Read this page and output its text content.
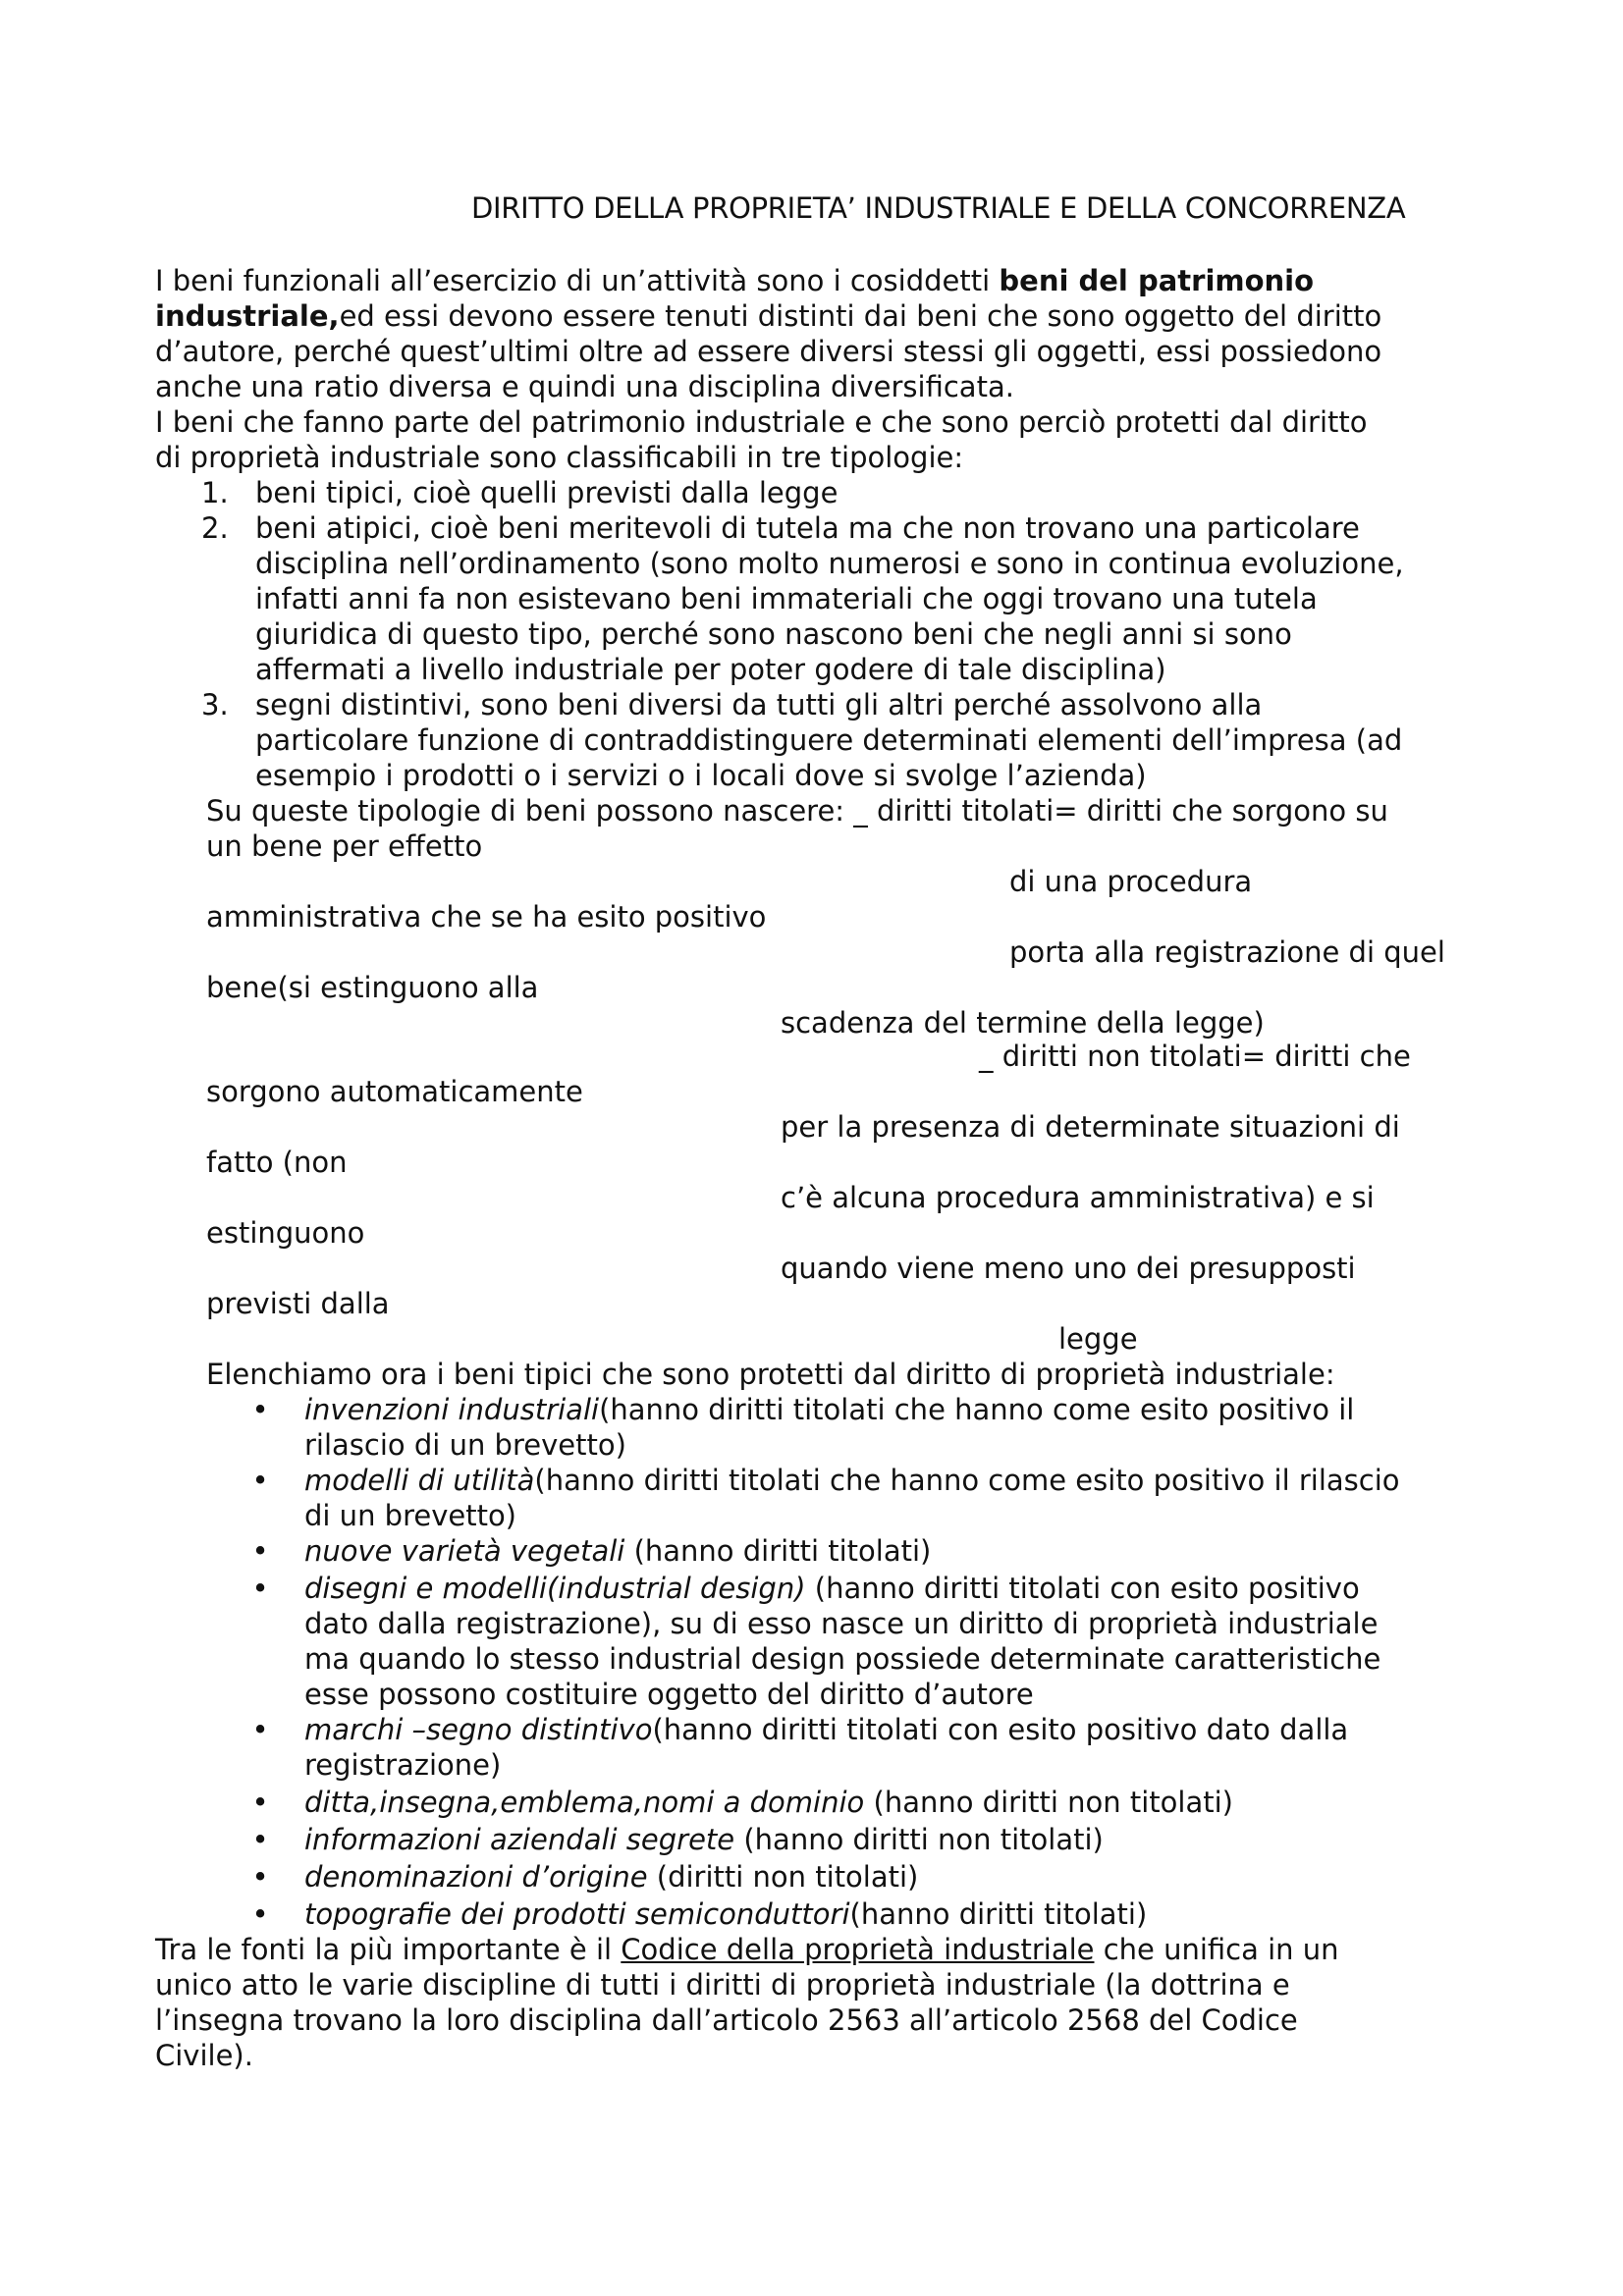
DIRITTO DELLA PROPRIETA’ INDUSTRIALE E DELLA CONCORRENZA
I beni funzionali all’esercizio di un’attività sono i cosiddetti beni del patrimonio
industriale,ed essi devono essere tenuti distinti dai beni che sono oggetto del diritto
d’autore, perché quest’ultimi oltre ad essere diversi stessi gli oggetti, essi possiedono
anche una ratio diversa e quindi una disciplina diversificata.
I beni che fanno parte del patrimonio industriale e che sono perciò protetti dal diritto
di proprietà industriale sono classificabili in tre tipologie:
1. beni tipici, cioè quelli previsti dalla legge
2. beni atipici, cioè beni meritevoli di tutela ma che non trovano una particolare
disciplina nell’ordinamento (sono molto numerosi e sono in continua evoluzione,
infatti anni fa non esistevano beni immateriali che oggi trovano una tutela
giuridica di questo tipo, perché sono nascono beni che negli anni si sono
affermati a livello industriale per poter godere di tale disciplina)
3. segni distintivi, sono beni diversi da tutti gli altri perché assolvono alla
particolare funzione di contraddistinguere determinati elementi dell’impresa (ad
esempio i prodotti o i servizi o i locali dove si svolge l’azienda)
Su queste tipologie di beni possono nascere: _ diritti titolati= diritti che sorgono su
un bene per effetto
di una procedura
amministrativa che se ha esito positivo
porta alla registrazione di quel
bene(si estinguono alla
scadenza del termine della legge)
_ diritti non titolati= diritti che
sorgono automaticamente
per la presenza di determinate situazioni di
fatto (non
c’è alcuna procedura amministrativa) e si
estinguono
quando viene meno uno dei presupposti
previsti dalla
legge
Elenchiamo ora i beni tipici che sono protetti dal diritto di proprietà industriale:
• invenzioni industriali(hanno diritti titolati che hanno come esito positivo il
rilascio di un brevetto)
• modelli di utilità(hanno diritti titolati che hanno come esito positivo il rilascio
di un brevetto)
• nuove varietà vegetali (hanno diritti titolati)
• disegni e modelli(industrial design) (hanno diritti titolati con esito positivo
dato dalla registrazione), su di esso nasce un diritto di proprietà industriale
ma quando lo stesso industrial design possiede determinate caratteristiche
esse possono costituire oggetto del diritto d’autore
• marchi –segno distintivo(hanno diritti titolati con esito positivo dato dalla
registrazione)
• ditta,insegna,emblema,nomi a dominio (hanno diritti non titolati)
• informazioni aziendali segrete (hanno diritti non titolati)
• denominazioni d’origine (diritti non titolati)
• topografie dei prodotti semiconduttori(hanno diritti titolati)
Tra le fonti la più importante è il Codice della proprietà industriale che unifica in un
unico atto le varie discipline di tutti i diritti di proprietà industriale (la dottrina e
l’insegna trovano la loro disciplina dall’articolo 2563 all’articolo 2568 del Codice
Civile).
